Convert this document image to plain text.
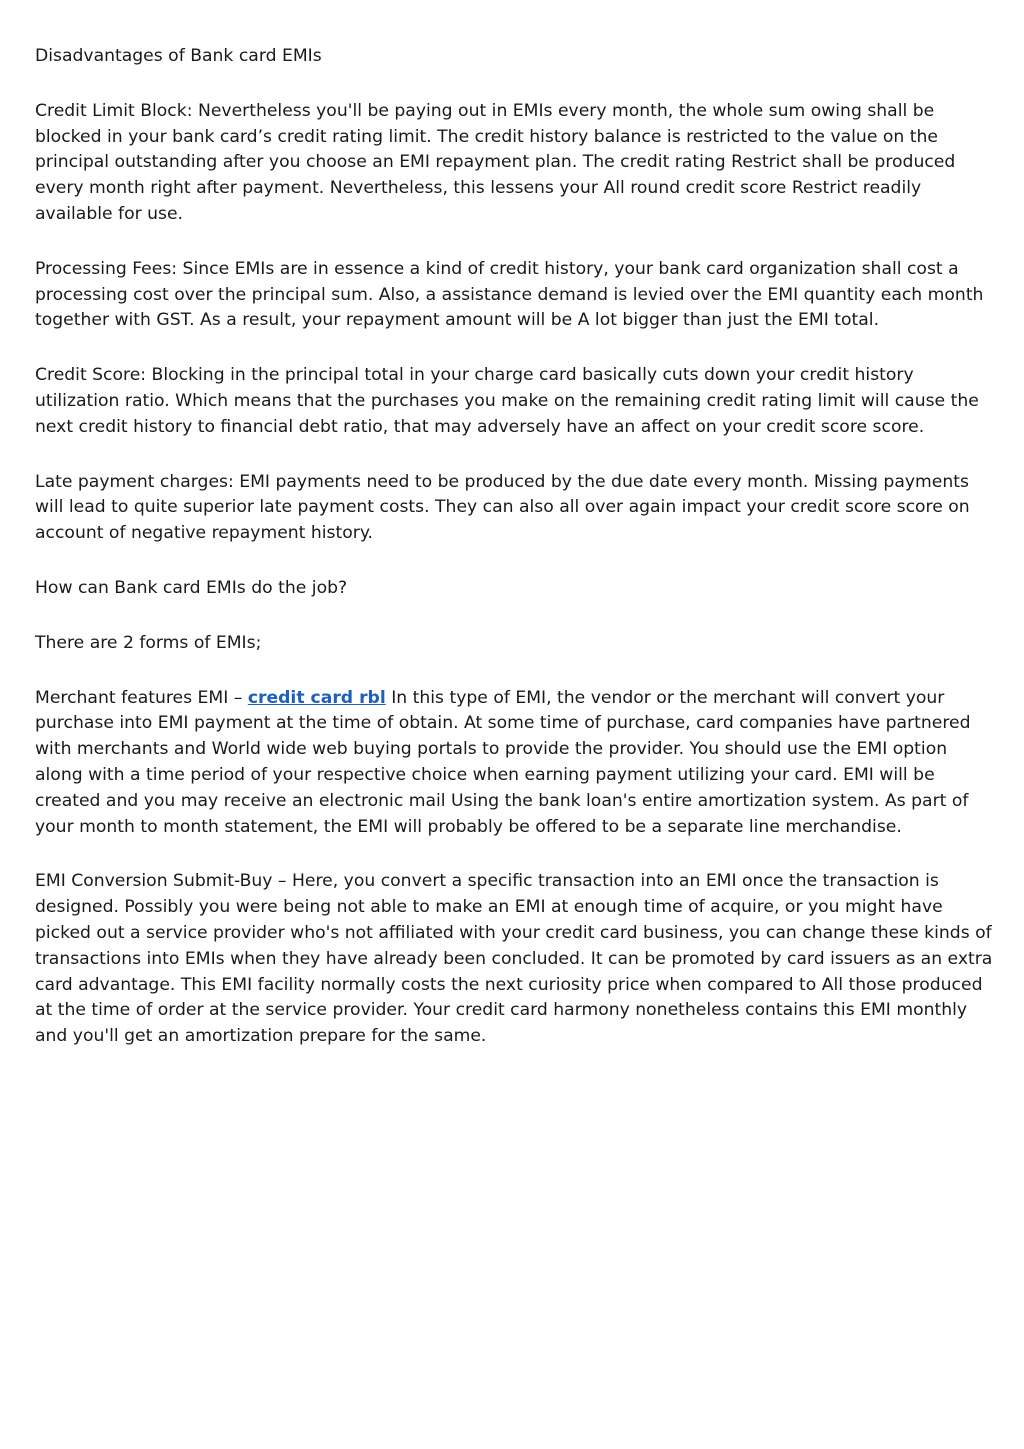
Disadvantages of Bank card EMIs

Credit Limit Block: Nevertheless you'll be paying out in EMIs every month, the whole sum owing shall be blocked in your bank card’s credit rating limit. The credit history balance is restricted to the value on the principal outstanding after you choose an EMI repayment plan. The credit rating Restrict shall be produced every month right after payment. Nevertheless, this lessens your All round credit score Restrict readily available for use.

Processing Fees: Since EMIs are in essence a kind of credit history, your bank card organization shall cost a processing cost over the principal sum. Also, a assistance demand is levied over the EMI quantity each month together with GST. As a result, your repayment amount will be A lot bigger than just the EMI total.

Credit Score: Blocking in the principal total in your charge card basically cuts down your credit history utilization ratio. Which means that the purchases you make on the remaining credit rating limit will cause the next credit history to financial debt ratio, that may adversely have an affect on your credit score score.

Late payment charges: EMI payments need to be produced by the due date every month. Missing payments will lead to quite superior late payment costs. They can also all over again impact your credit score score on account of negative repayment history.

How can Bank card EMIs do the job?

There are 2 forms of EMIs;

Merchant features EMI – credit card rbl In this type of EMI, the vendor or the merchant will convert your purchase into EMI payment at the time of obtain. At some time of purchase, card companies have partnered with merchants and World wide web buying portals to provide the provider. You should use the EMI option along with a time period of your respective choice when earning payment utilizing your card. EMI will be created and you may receive an electronic mail Using the bank loan's entire amortization system. As part of your month to month statement, the EMI will probably be offered to be a separate line merchandise.

EMI Conversion Submit-Buy – Here, you convert a specific transaction into an EMI once the transaction is designed. Possibly you were being not able to make an EMI at enough time of acquire, or you might have picked out a service provider who's not affiliated with your credit card business, you can change these kinds of transactions into EMIs when they have already been concluded. It can be promoted by card issuers as an extra card advantage. This EMI facility normally costs the next curiosity price when compared to All those produced at the time of order at the service provider. Your credit card harmony nonetheless contains this EMI monthly and you'll get an amortization prepare for the same.
